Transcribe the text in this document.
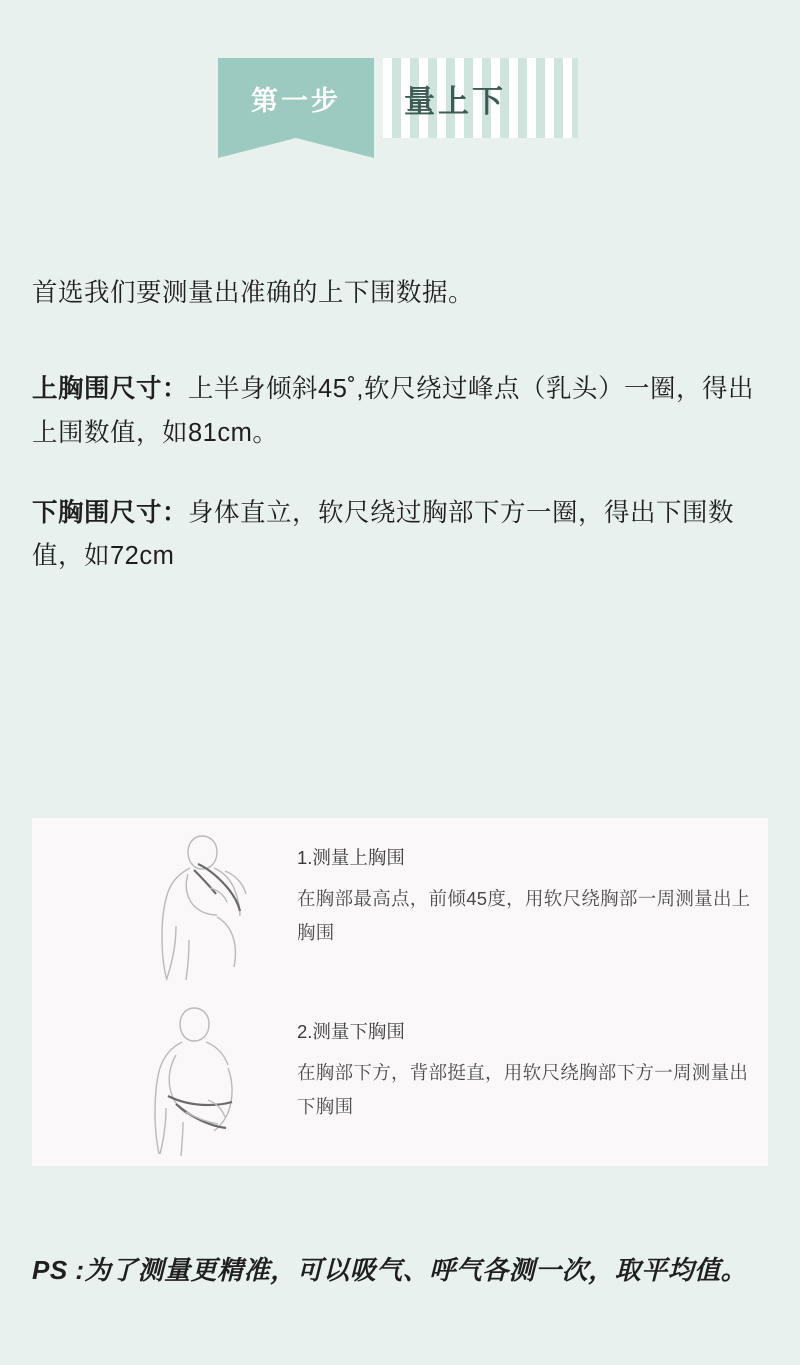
第一步	量上下

首选我们要测量出准确的上下围数据。

上胸围尺寸：上半身倾斜45˚,软尺绕过峰点（乳头）一圈，得出上围数值，如81cm。

下胸围尺寸：身体直立，软尺绕过胸部下方一圈，得出下围数值，如72cm

1.测量上胸围

在胸部最高点，前倾45度，用软尺绕胸部一周测量出上胸围

2.测量下胸围

在胸部下方，背部挺直，用软尺绕胸部下方一周测量出下胸围

PS :为了测量更精准，可以吸气、呼气各测一次，取平均值。
